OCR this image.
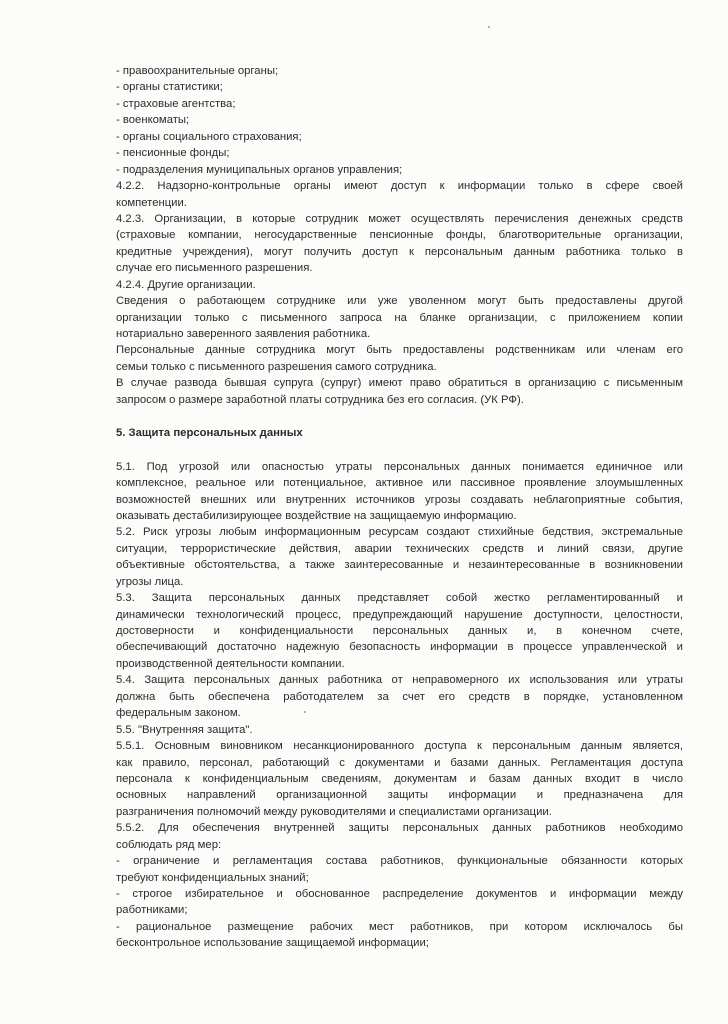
- правоохранительные органы;
- органы статистики;
- страховые агентства;
- военкоматы;
- органы социального страхования;
- пенсионные фонды;
- подразделения муниципальных органов управления;
4.2.2. Надзорно-контрольные органы имеют доступ к информации только в сфере своей
компетенции.
4.2.3. Организации, в которые сотрудник может осуществлять перечисления денежных средств
(страховые компании, негосударственные пенсионные фонды, благотворительные организации,
кредитные учреждения), могут получить доступ к персональным данным работника только в
случае его письменного разрешения.
4.2.4. Другие организации.
Сведения о работающем сотруднике или уже уволенном могут быть предоставлены другой
организации только с письменного запроса на бланке организации, с приложением копии
нотариально заверенного заявления работника.
Персональные данные сотрудника могут быть предоставлены родственникам или членам его
семьи только с письменного разрешения самого сотрудника.
В случае развода бывшая супруга (супруг) имеют право обратиться в организацию с письменным
запросом о размере заработной платы сотрудника без его согласия. (УК РФ).
5. Защита персональных данных
5.1. Под угрозой или опасностью утраты персональных данных понимается единичное или
комплексное, реальное или потенциальное, активное или пассивное проявление злоумышленных
возможностей внешних или внутренних источников угрозы создавать неблагоприятные события,
оказывать дестабилизирующее воздействие на защищаемую информацию.
5.2. Риск угрозы любым информационным ресурсам создают стихийные бедствия, экстремальные
ситуации, террористические действия, аварии технических средств и линий связи, другие
объективные обстоятельства, а также заинтересованные и незаинтересованные в возникновении
угрозы лица.
5.3. Защита персональных данных представляет собой жестко регламентированный и
динамически технологический процесс, предупреждающий нарушение доступности, целостности,
достоверности и конфиденциальности персональных данных и, в конечном счете,
обеспечивающий достаточно надежную безопасность информации в процессе управленческой и
производственной деятельности компании.
5.4. Защита персональных данных работника от неправомерного их использования или утраты
должна быть обеспечена работодателем за счет его средств в порядке, установленном
федеральным законом.
5.5. "Внутренняя защита".
5.5.1. Основным виновником несанкционированного доступа к персональным данным является,
как правило, персонал, работающий с документами и базами данных. Регламентация доступа
персонала к конфиденциальным сведениям, документам и базам данных входит в число
основных направлений организационной защиты информации и предназначена для
разграничения полномочий между руководителями и специалистами организации.
5.5.2. Для обеспечения внутренней защиты персональных данных работников необходимо
соблюдать ряд мер:
- ограничение и регламентация состава работников, функциональные обязанности которых
требуют конфиденциальных знаний;
- строгое избирательное и обоснованное распределение документов и информации между
работниками;
- рациональное размещение рабочих мест работников, при котором исключалось бы
бесконтрольное использование защищаемой информации;
